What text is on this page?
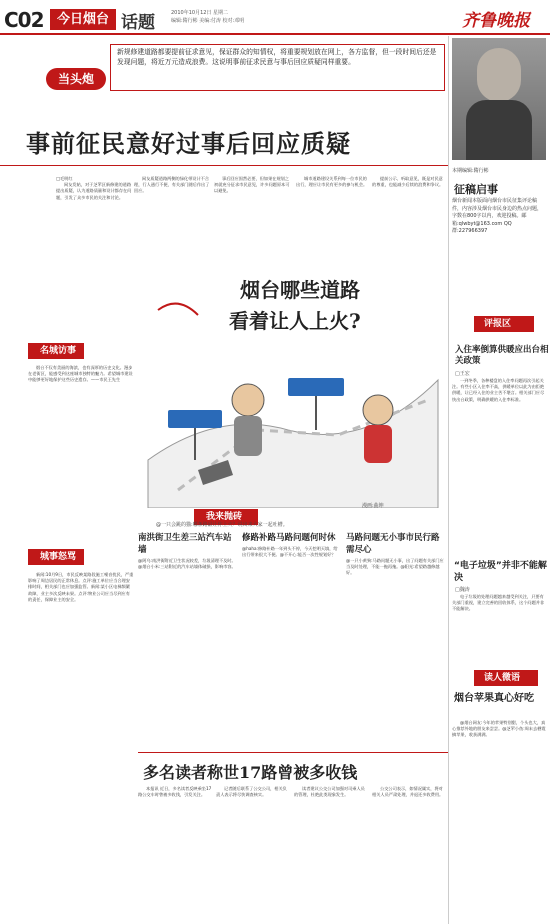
C02	今日烟台 话题	2010年10月12日 星期二
编辑:隋行彬 美编:付涛 校对:邓明	齐鲁晚报
当头炮
新规修建道路都要提前征求意见，保证群众的知情权，将重要规划放在网上，各方监督，但一段时间后还是发现问题，将近万元造成浪费。这说明事前征求民意与事后回应质疑同样重要。
事前征民意好过事后回应质疑
□毛明红

网友发帖，对于芝罘区新修建的道路提出质疑，认为道路质量和设计都存在问题，引发了众多市民的关注和讨论。

网友质疑道路两侧的绿化带设计不合理，行人通行不便，有关部门随后作出了回应。

事后回应固然必要，但如果在规划之初就充分征求市民意见，许多问题原本可以避免。

城市道路建设关系到每一位市民的出行，理应让市民有更多的参与机会。

提前公示、听取意见，既是对民意的尊重，也能减少后续的浪费和争议。

本期编辑:隋行彬
征稿启事
烟台新闻本版面向烟台市民征集评论稿件，内容涉及烟台市民身边的热点问题，字数在800字以内，欢迎投稿。邮箱:qlwbyt@163.com QQ群:227966397
评报区
入住率倒算供暖应出台相关政策
□王宏

一到冬季，各种楼盘的入住率问题再次引起关注。有些小区入住率不高，供暖单位以此为由拒绝供暖，让已经入住的业主苦不堪言。相关部门应尽快出台政策，明确供暖的入住率标准。

“电子垃圾”并非不能解决
□魏涛

电子垃圾的处理问题越来越受到关注，只要有关部门重视，建立完善的回收体系，这个问题并非不能解决。

读人微语
烟台苹果真心好吃

@烟台网友:今年的苹果特别甜，个头也大，真心推荐外地的朋友来尝尝。@芝罘小鱼:周末去栖霞摘苹果，收获满满。

名城访事

烟台不仅有美丽的海滨，也有深厚的历史文化。漫步在老街区，能感受到这座城市独特的魅力。希望城市建设中能够更好地保护这些历史遗存。——市民王先生

城事怒骂

新闻:10月9日，市民反映某路段施工噪音扰民，严重影响了周边居民的正常休息。点评:施工单位应当合理安排时间，相关部门也应加强监管。新闻:某小区电梯频繁故障，业主多次反映未果。点评:物业公司应当尽到应有的责任，保障业主的安全。

烟台哪些道路
看着让人上火?
漫画:曲坤
我来抛砖
@一只会跳的猫:哪条路最让你上火？说出来大家一起吐槽。
南洪街卫生差三站汽车站墙
@阿乌:南洪街附近卫生状况较差，垃圾清理不及时。@烟台小米:三站附近的汽车站墙体破损，影响市容。
修路补路马路问题何时休
@haha:修路补路一年到头不停，今天挖明天填，给出行带来很大不便。@不开心:能否一次性规划好？
马路问题无小事市民行路需尽心
@一只小黄狗:马路问题无小事，出了问题有关部门应当及时处理，不能一拖再拖。@阳光:希望路越修越好。
多名读者称世17路曾被多收钱

本报讯 近日，多名读者反映乘坐17路公交车时曾被多收钱，引发关注。

记者随后联系了公交公司，相关负责人表示将尽快调查核实。

读者建议公交公司加强对司乘人员的管理，杜绝此类现象发生。

公交公司表示，如情况属实，将对相关人员严肃处理，并退还多收费用。
